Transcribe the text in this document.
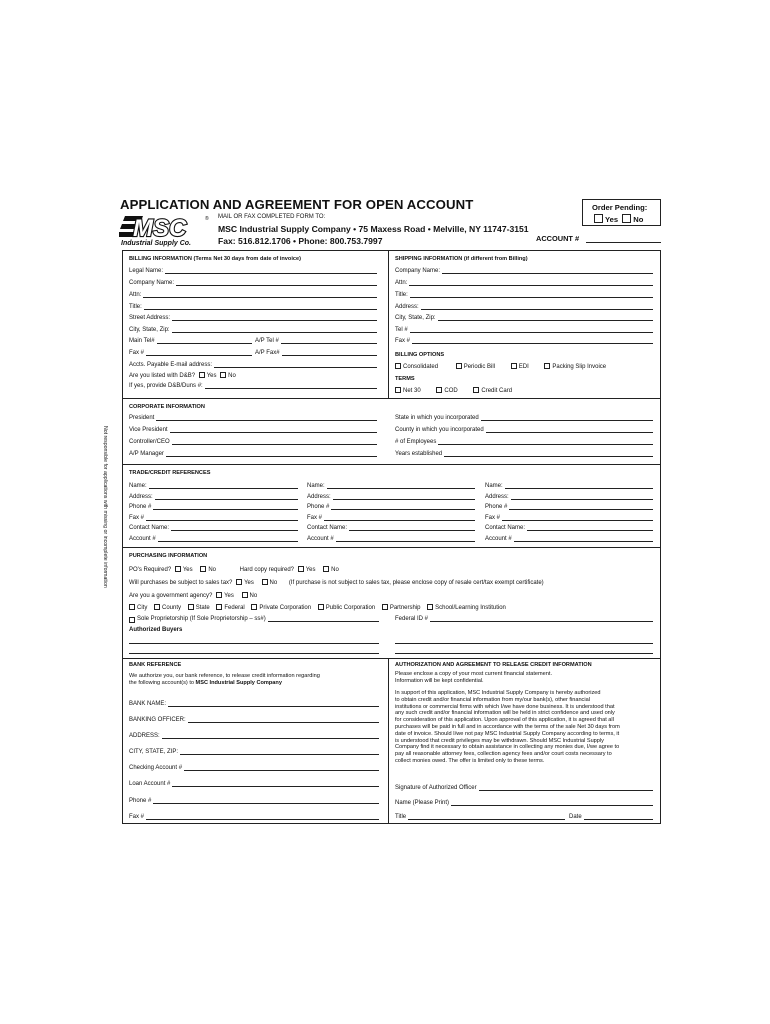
APPLICATION AND AGREEMENT FOR OPEN ACCOUNT	Order Pending:
Yes No
MSC
Industrial Supply Co.
® MAIL OR FAX COMPLETED FORM TO:
MSC Industrial Supply Company • 75 Maxess Road • Melville, NY 11747-3151
Fax: 516.812.1706 • Phone: 800.753.7997	ACCOUNT #
Not responsible for applications with missing or incomplete information
BILLING INFORMATION (Terms Net 30 days from date of invoice)	SHIPPING INFORMATION (if different from Billing)
Legal Name:
Company Name:
Attn:
Title:
Street Address:
City, State, Zip:
Main Tel#	A/P Tel #
Fax #	A/P Fax#
Accts. Payable E-mail address:
Are you listed with D&B? Yes No
If yes, provide D&B/Duns #:
Company Name:
Attn:
Title:
Address:
City, State, Zip:
Tel #
Fax #
BILLING OPTIONS
Consolidated	Periodic Bill	EDI	Packing Slip Invoice
TERMS
Net 30	COD	Credit Card
CORPORATE INFORMATION
President
Vice President
Controller/CEO
A/P Manager
State in which you incorporated
County in which you incorporated
# of Employees
Years established
TRADE/CREDIT REFERENCES
Name:
Address:
Phone #
Fax #
Contact Name:
Account #
Name:
Address:
Phone #
Fax #
Contact Name:
Account #
Name:
Address:
Phone #
Fax #
Contact Name:
Account #
PURCHASING INFORMATION
PO's Required? Yes	No	Hard copy required? Yes	No
Will purchases be subject to sales tax? Yes	No (If purchase is not subject to sales tax, please enclose copy of resale cert/tax exempt certificate)
Are you a government agency? Yes	No
City County State Federal Private Corporation Public Corporation Partnership School/Learning Institution
Sole Proprietorship (If Sole Proprietorship – ss#)	Federal ID #
Authorized Buyers
BANK REFERENCE
We authorize you, our bank reference, to release credit information regarding
the following account(s) to MSC Industrial Supply Company
BANK NAME:
BANKING OFFICER:
ADDRESS:
CITY, STATE, ZIP:
Checking Account #
Loan Account #
Phone #
Fax #
AUTHORIZATION AND AGREEMENT TO RELEASE CREDIT INFORMATION
Please enclose a copy of your most current financial statement.
Information will be kept confidential.
In support of this application, MSC Industrial Supply Company is hereby authorized
to obtain credit and/or financial information from my/our bank(s), other financial
institutions or commercial firms with which I/we have done business. It is understood that
any such credit and/or financial information will be held in strict confidence and used only
for consideration of this application. Upon approval of this application, it is agreed that all
purchases will be paid in full and in accordance with the terms of the sale Net 30 days from
date of invoice. Should I/we not pay MSC Industrial Supply Company according to terms, it
is understood that credit privileges may be withdrawn. Should MSC Industrial Supply
Company find it necessary to obtain assistance in collecting any monies due, I/we agree to
pay all reasonable attorney fees, collection agency fees and/or court costs necessary to
collect monies owed. The offer is limited only to these terms.
Signature of Authorized Officer
Name (Please Print)
Title	Date
